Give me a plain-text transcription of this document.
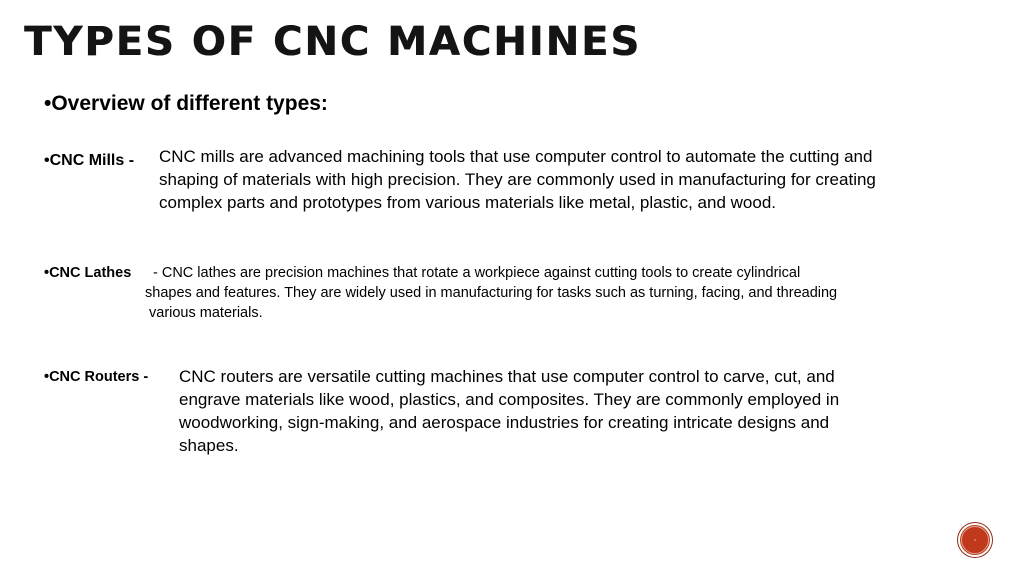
TYPES OF CNC MACHINES
•Overview of different types:
•CNC Mills - CNC mills are advanced machining tools that use computer control to automate the cutting and
shaping of materials with high precision. They are commonly used in manufacturing for creating
complex parts and prototypes from various materials like metal, plastic, and wood.

•CNC Lathes - CNC lathes are precision machines that rotate a workpiece against cutting tools to create cylindrical
shapes and features. They are widely used in manufacturing for tasks such as turning, facing, and threading
various materials.

•CNC Routers - CNC routers are versatile cutting machines that use computer control to carve, cut, and
engrave materials like wood, plastics, and composites. They are commonly employed in
woodworking, sign-making, and aerospace industries for creating intricate designs and
shapes.

◦
